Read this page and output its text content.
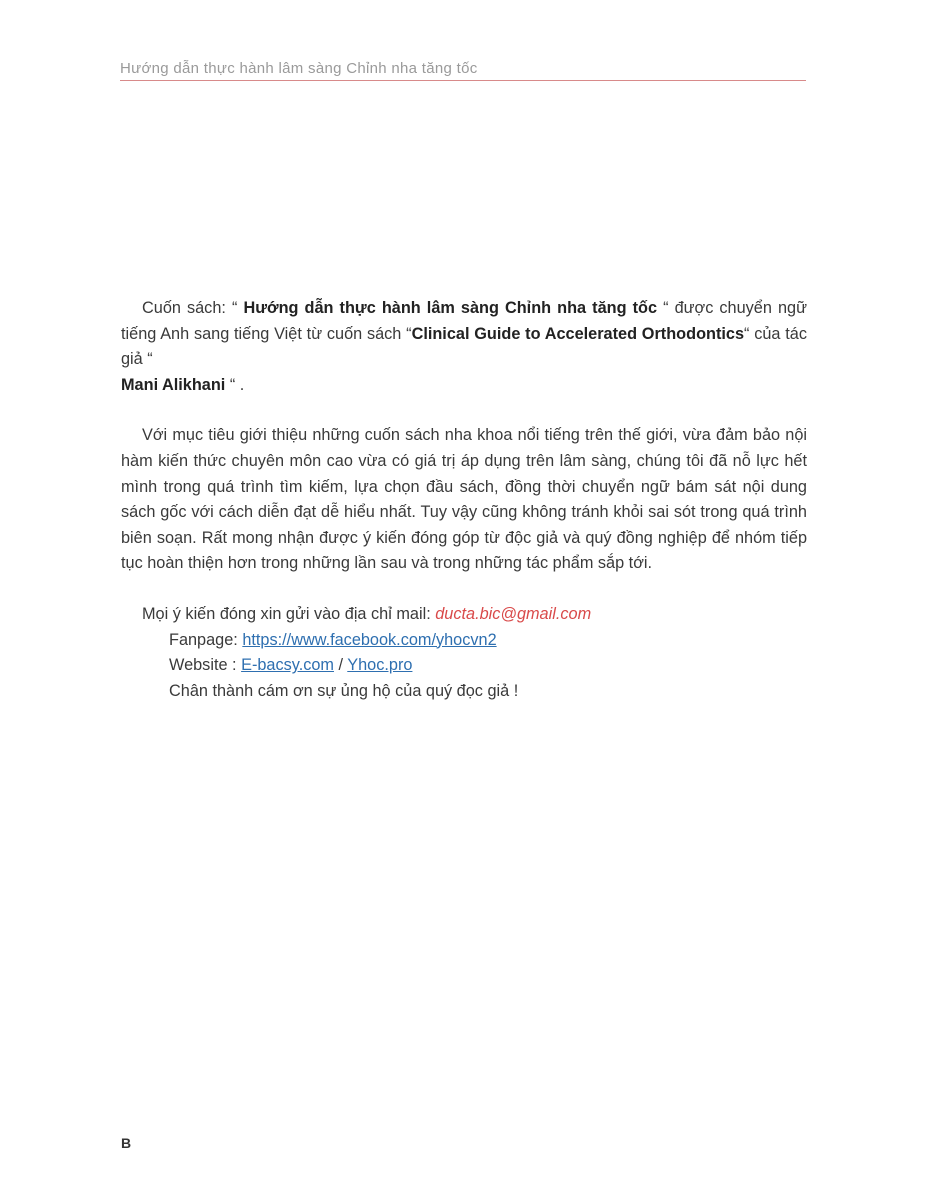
Hướng dẫn thực hành lâm sàng Chỉnh nha tăng tốc

Cuốn sách: “ Hướng dẫn thực hành lâm sàng Chỉnh nha tăng tốc “ được chuyển ngữ tiếng Anh sang tiếng Việt từ cuốn sách “Clinical Guide to Accelerated Orthodontics“ của tác giả “
Mani Alikhani “ .

Với mục tiêu giới thiệu những cuốn sách nha khoa nổi tiếng trên thế giới, vừa đảm bảo nội hàm kiến thức chuyên môn cao vừa có giá trị áp dụng trên lâm sàng, chúng tôi đã nỗ lực hết mình trong quá trình tìm kiếm, lựa chọn đầu sách, đồng thời chuyển ngữ bám sát nội dung sách gốc với cách diễn đạt dễ hiểu nhất. Tuy vậy cũng không tránh khỏi sai sót trong quá trình biên soạn. Rất mong nhận được ý kiến đóng góp từ độc giả và quý đồng nghiệp để nhóm tiếp tục hoàn thiện hơn trong những lần sau và trong những tác phẩm sắp tới.

Mọi ý kiến đóng xin gửi vào địa chỉ mail: ducta.bic@gmail.com
Fanpage: https://www.facebook.com/yhocvn2
Website : E-bacsy.com / Yhoc.pro
Chân thành cám ơn sự ủng hộ của quý đọc giả !
B
